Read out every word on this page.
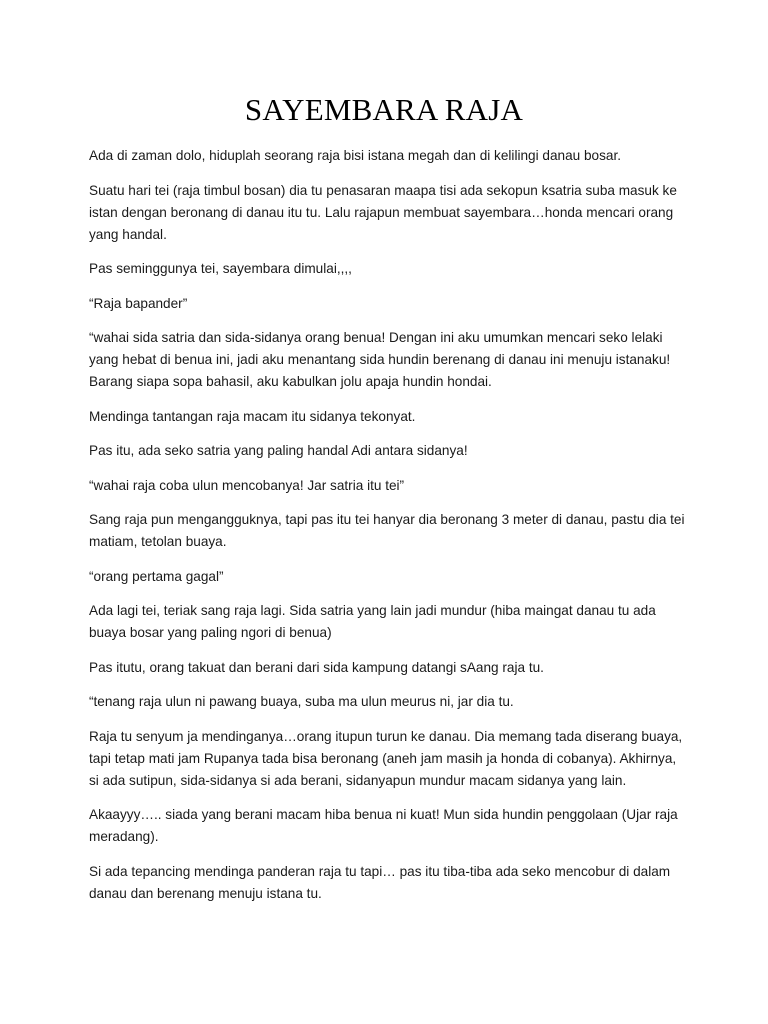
SAYEMBARA RAJA

Ada di zaman dolo, hiduplah seorang raja bisi istana megah dan di kelilingi danau bosar.

Suatu hari tei (raja timbul bosan) dia tu penasaran maapa tisi ada sekopun ksatria suba masuk ke istan dengan beronang di danau itu tu. Lalu rajapun membuat sayembara…honda mencari orang yang handal.

Pas seminggunya tei, sayembara dimulai,,,,

“Raja bapander”

“wahai sida satria dan sida-sidanya orang benua! Dengan ini aku umumkan mencari seko lelaki yang hebat di benua ini, jadi aku menantang sida hundin berenang di danau ini menuju istanaku! Barang siapa sopa bahasil, aku kabulkan jolu apaja hundin hondai.

Mendinga tantangan raja macam itu sidanya tekonyat.

Pas itu, ada seko satria yang paling handal Adi antara sidanya!

“wahai raja coba ulun mencobanya! Jar satria itu tei”

Sang raja pun mengangguknya, tapi pas itu tei hanyar dia beronang 3 meter di danau, pastu dia tei matiam, tetolan buaya.

“orang pertama gagal”

Ada lagi tei, teriak sang raja lagi. Sida satria yang lain jadi mundur (hiba maingat danau tu ada buaya bosar yang paling ngori di benua)

Pas itutu, orang takuat dan berani dari sida kampung datangi sAang raja tu.

“tenang raja ulun ni pawang buaya, suba ma ulun meurus ni, jar dia tu.

Raja tu senyum ja mendinganya…orang itupun turun ke danau. Dia memang tada diserang buaya, tapi tetap mati jam Rupanya tada bisa beronang (aneh jam masih ja honda di cobanya). Akhirnya, si ada sutipun, sida-sidanya si ada berani, sidanyapun mundur macam sidanya yang lain.

Akaayyy….. siada yang berani macam hiba benua ni kuat! Mun sida hundin penggolaan (Ujar raja meradang).

Si ada tepancing mendinga panderan raja tu tapi… pas itu tiba-tiba ada seko mencobur di dalam danau dan berenang menuju istana tu.
